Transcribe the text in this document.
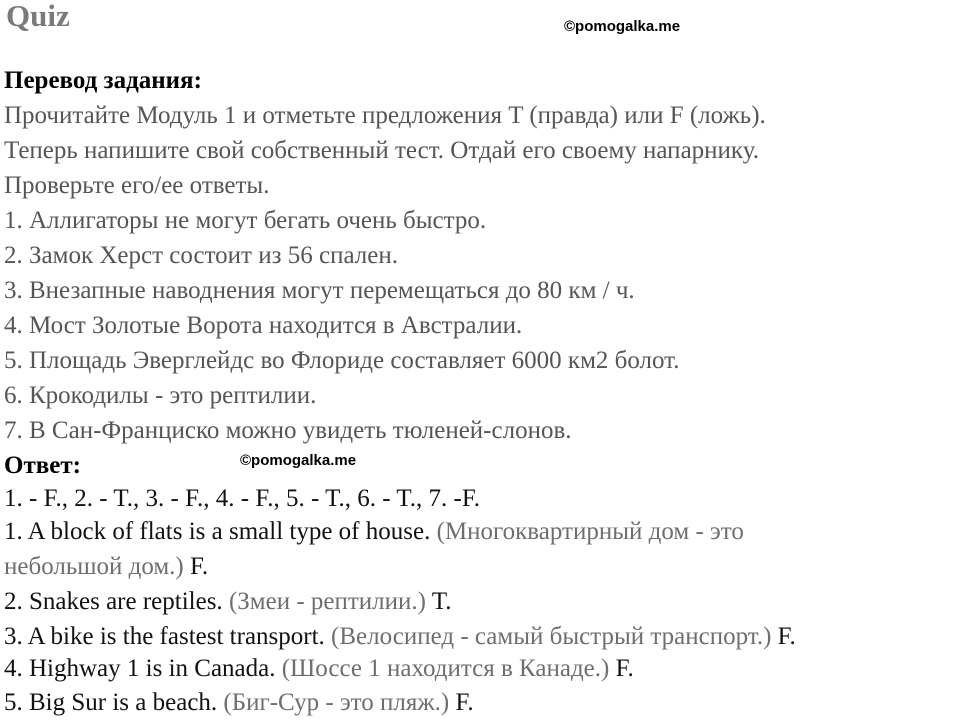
Quiz	©pomogalka.me
Перевод задания:
Прочитайте Модуль 1 и отметьте предложения T (правда) или F (ложь).
Теперь напишите свой собственный тест. Отдай его своему напарнику.
Проверьте его/ее ответы.
1. Аллигаторы не могут бегать очень быстро.
2. Замок Херст состоит из 56 спален.
3. Внезапные наводнения могут перемещаться до 80 км / ч.
4. Мост Золотые Ворота находится в Австралии.
5. Площадь Эверглейдс во Флориде составляет 6000 км2 болот.
6. Крокодилы - это рептилии.
7. В Сан-Франциско можно увидеть тюленей-слонов.
Ответ:	©pomogalka.me
1. - F., 2. - T., 3. - F., 4. - F., 5. - T., 6. - T., 7. -F.
1. A block of flats is a small type of house. (Многоквартирный дом - это
небольшой дом.) F.
2. Snakes are reptiles. (Змеи - рептилии.) T.
3. A bike is the fastest transport. (Велосипед - самый быстрый транспорт.) F.
4. Highway 1 is in Canada. (Шоссе 1 находится в Канаде.) F.
5. Big Sur is a beach. (Биг-Сур - это пляж.) F.
